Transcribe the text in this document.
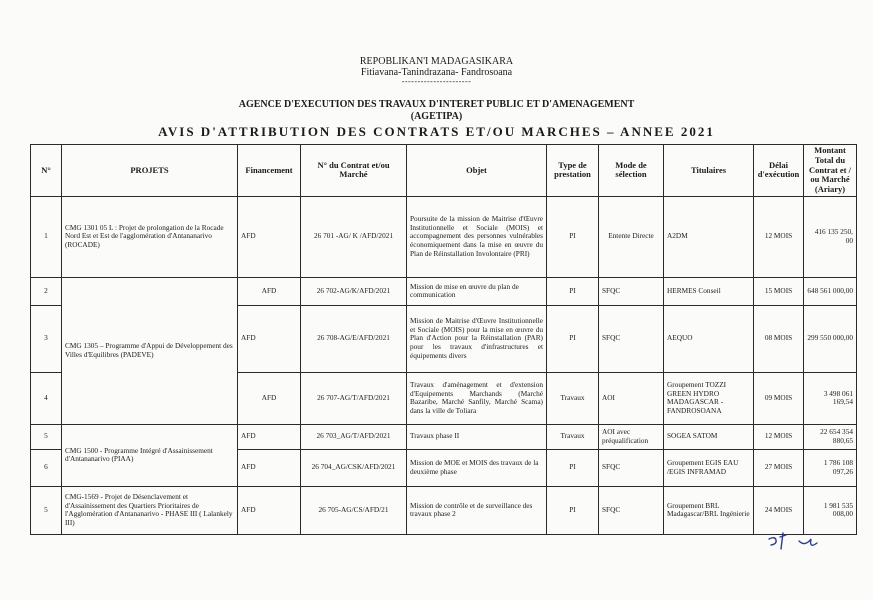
REPOBLIKAN'I MADAGASIKARA
Fitiavana-Tanindrazana- Fandrosoana
----------------------
AGENCE D'EXECUTION DES TRAVAUX D'INTERET PUBLIC ET D'AMENAGEMENT
(AGETIPA)
AVIS D'ATTRIBUTION DES CONTRATS ET/OU MARCHES – ANNEE 2021
N°	PROJETS	Financement	N° du Contrat et/ou Marché	Objet	Type de prestation	Mode de sélection	Titulaires	Délai d'exécution	Montant Total du Contrat et / ou Marché (Ariary)
1	CMG 1301 05 L : Projet de prolongation de la Rocade Nord Est et Est de l'agglomération d'Antananarivo (ROCADE)	AFD	26 701 -AG/ K /AFD/2021	Poursuite de la mission de Maitrise d'Œuvre Institutionnelle et Sociale (MOIS) et accompagnement des personnes vulnérables économiquement dans la mise en œuvre du Plan de Réinstallation Involontaire (PRI)	PI	Entente Directe	A2DM	12 MOIS	416 135 250, 00
2	CMG 1305 – Programme d'Appui de Développement des Villes d'Equilibres (PADEVE)	AFD	26 702-AG/K/AFD/2021	Mission de mise en œuvre du plan de communication	PI	SFQC	HERMES Conseil	15 MOIS	648 561 000,00
3		AFD	26 708-AG/E/AFD/2021	Mission de Maitrise d'Œuvre Institutionnelle et Sociale (MOIS) pour la mise en œuvre du Plan d'Action pour la Réinstallation (PAR) pour les travaux d'infrastructures et équipements divers	PI	SFQC	AEQUO	08 MOIS	299 550 000,00
4		AFD	26 707-AG/T/AFD/2021	Travaux d'aménagement et d'extension d'Equipements Marchands (Marché Bazaribe, Marché Sanfily, Marché Scama) dans la ville de Toliara	Travaux	AOI	Groupement TOZZI GREEN HYDRO MADAGASCAR - FANDROSOANA	09 MOIS	3 498 061 169,54
5	CMG 1500 - Programme Intégré d'Assainissement d'Antananarivo (PIAA)	AFD	26 703_AG/T/AFD/2021	Travaux phase II	Travaux	AOI avec préqualification	SOGEA SATOM	12 MOIS	22 654 354 880,65
6		AFD	26 704_AG/CSK/AFD/2021	Mission de MOE et MOIS des travaux de la deuxième phase	PI	SFQC	Groupement EGIS EAU /EGIS INFRAMAD	27 MOIS	1 786 108 097,26
5	CMG-1569 - Projet de Désenclavement et d'Assainissement des Quartiers Prioritaires de l'Agglomération d'Antananarivo - PHASE III ( Lalankely III)	AFD	26 705-AG/CS/AFD/21	Mission de contrôle et de surveillance des travaux phase 2	PI	SFQC	Groupement BRL Madagascar/BRL Ingénierie	24 MOIS	1 981 535 008,00
